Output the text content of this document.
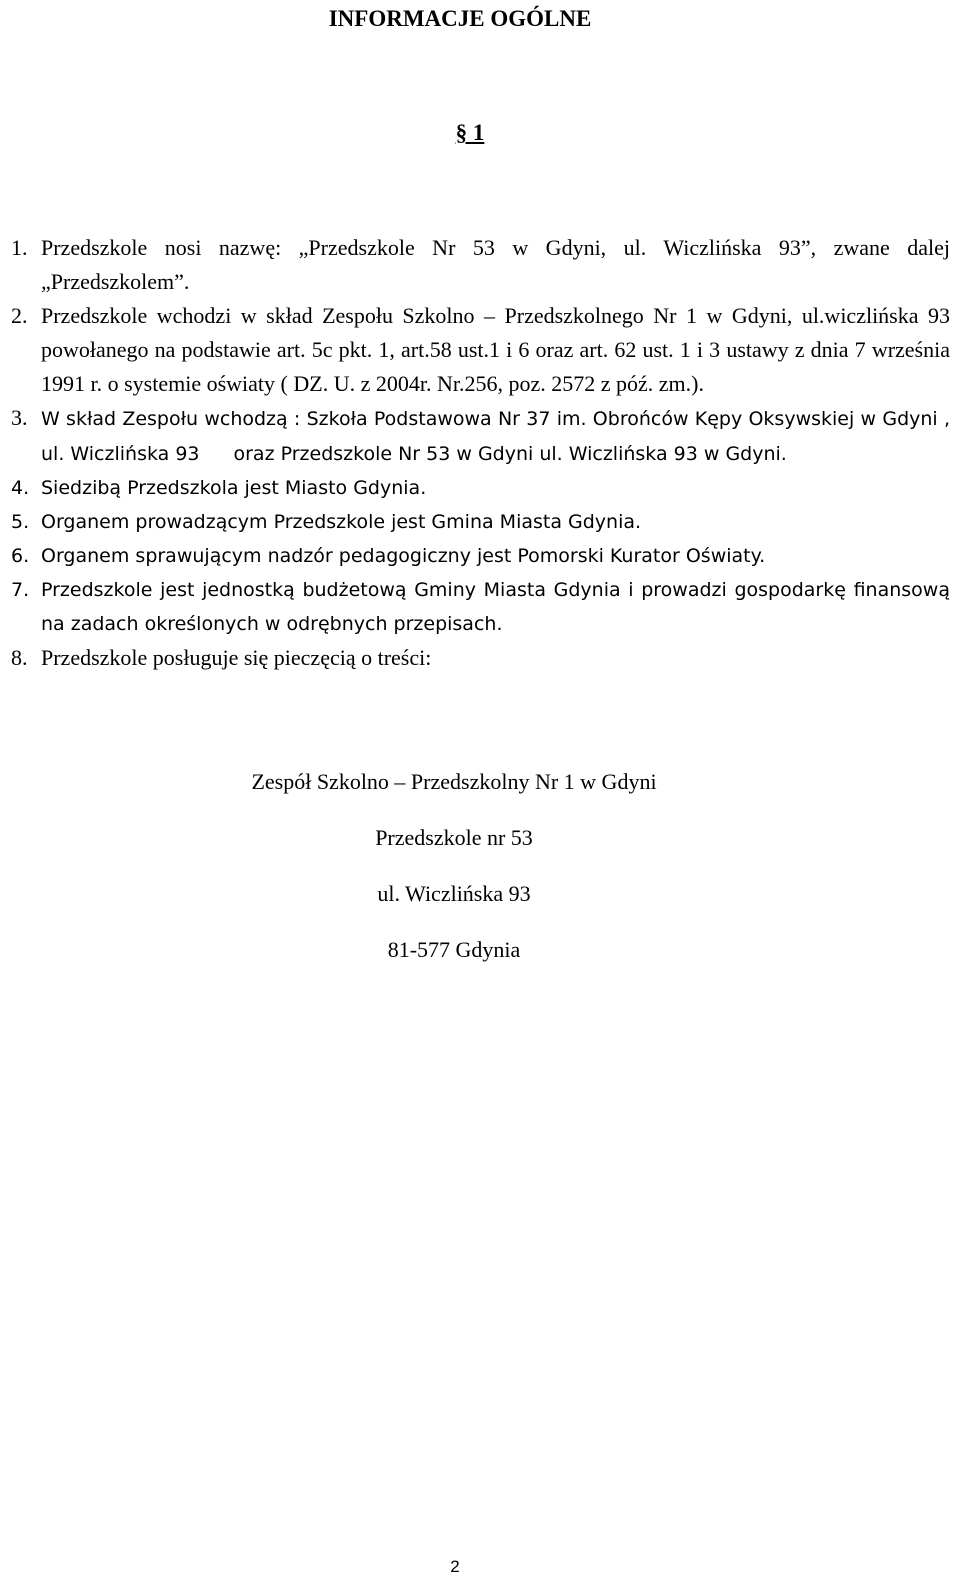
INFORMACJE OGÓLNE
§ 1
1. Przedszkole nosi nazwę: „Przedszkole Nr 53 w Gdyni, ul. Wiczlińska 93”, zwane dalej „Przedszkolem”.
2. Przedszkole wchodzi w skład Zespołu Szkolno – Przedszkolnego Nr 1 w Gdyni, ul.wiczlińska 93 powołanego na podstawie art. 5c pkt. 1, art.58 ust.1 i 6 oraz art. 62 ust. 1 i 3 ustawy z dnia 7 września 1991 r. o systemie oświaty ( DZ. U. z 2004r. Nr.256, poz. 2572 z póź. zm.).
3. W skład Zespołu wchodzą : Szkoła Podstawowa Nr 37 im. Obrońców Kępy Oksywskiej w Gdyni , ul. Wiczlińska 93 oraz Przedszkole Nr 53 w Gdyni ul. Wiczlińska 93 w Gdyni.
4. Siedzibą Przedszkola jest Miasto Gdynia.
5. Organem prowadzącym Przedszkole jest Gmina Miasta Gdynia.
6. Organem sprawującym nadzór pedagogiczny jest Pomorski Kurator Oświaty.
7. Przedszkole jest jednostką budżetową Gminy Miasta Gdynia i prowadzi gospodarkę finansową na zadach określonych w odrębnych przepisach.
8. Przedszkole posługuje się pieczęcią o treści:
Zespół Szkolno – Przedszkolny Nr 1 w Gdyni
Przedszkole nr 53
ul. Wiczlińska 93
81-577 Gdynia
2
